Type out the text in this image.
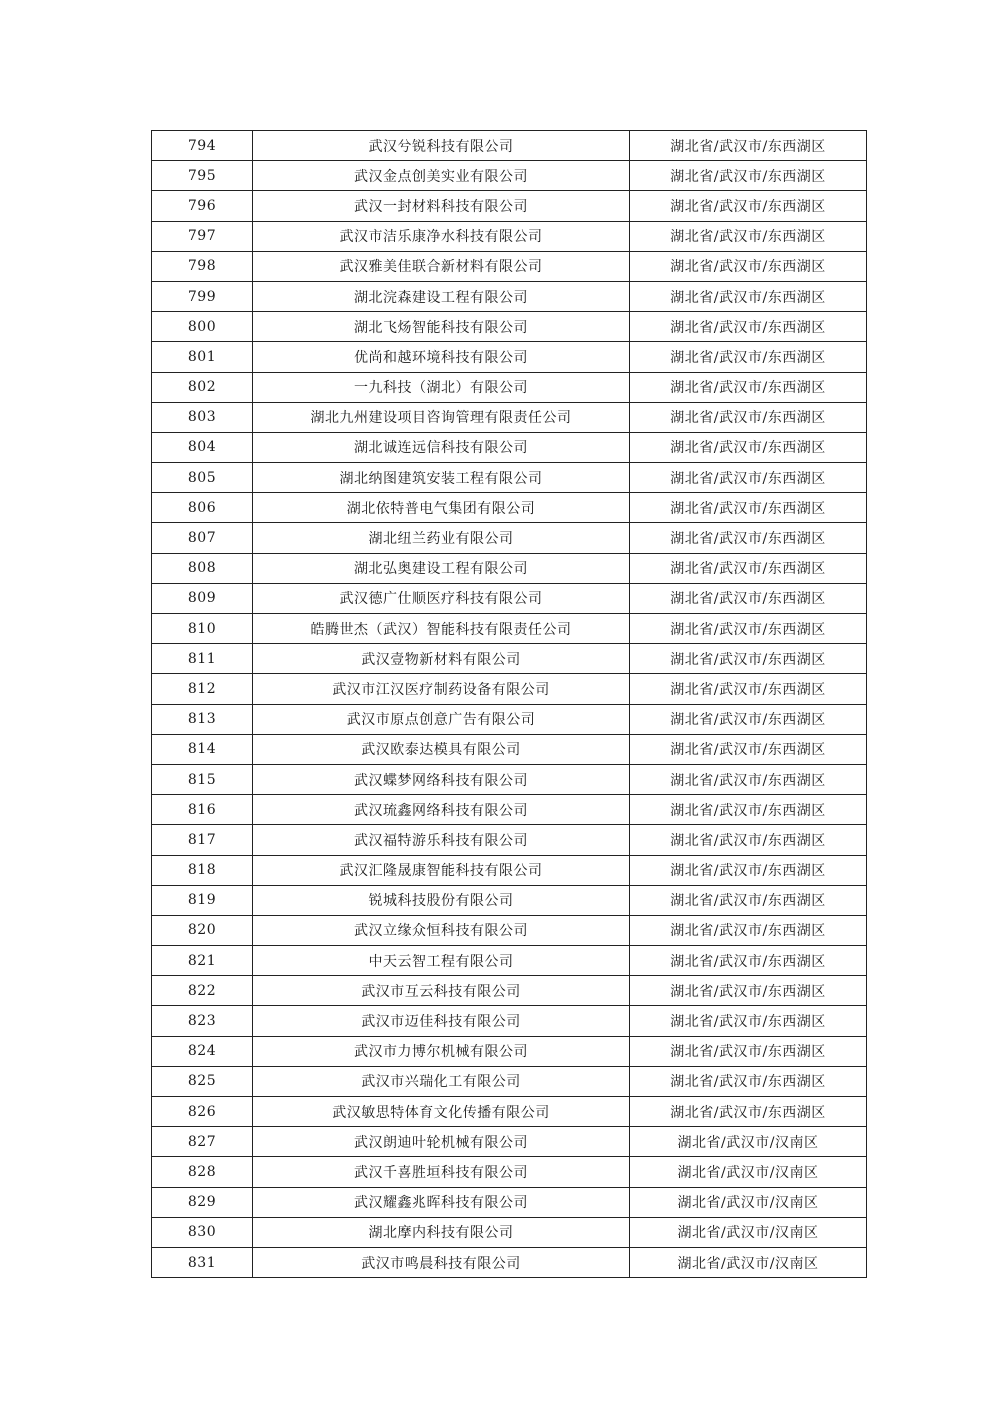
794	武汉兮锐科技有限公司	湖北省/武汉市/东西湖区
795	武汉金点创美实业有限公司	湖北省/武汉市/东西湖区
796	武汉一封材料科技有限公司	湖北省/武汉市/东西湖区
797	武汉市洁乐康净水科技有限公司	湖北省/武汉市/东西湖区
798	武汉雅美佳联合新材料有限公司	湖北省/武汉市/东西湖区
799	湖北浣森建设工程有限公司	湖北省/武汉市/东西湖区
800	湖北飞炀智能科技有限公司	湖北省/武汉市/东西湖区
801	优尚和越环境科技有限公司	湖北省/武汉市/东西湖区
802	一九科技（湖北）有限公司	湖北省/武汉市/东西湖区
803	湖北九州建设项目咨询管理有限责任公司	湖北省/武汉市/东西湖区
804	湖北诚连远信科技有限公司	湖北省/武汉市/东西湖区
805	湖北纳图建筑安装工程有限公司	湖北省/武汉市/东西湖区
806	湖北依特普电气集团有限公司	湖北省/武汉市/东西湖区
807	湖北纽兰药业有限公司	湖北省/武汉市/东西湖区
808	湖北弘奥建设工程有限公司	湖北省/武汉市/东西湖区
809	武汉德广仕顺医疗科技有限公司	湖北省/武汉市/东西湖区
810	皓腾世杰（武汉）智能科技有限责任公司	湖北省/武汉市/东西湖区
811	武汉壹物新材料有限公司	湖北省/武汉市/东西湖区
812	武汉市江汉医疗制药设备有限公司	湖北省/武汉市/东西湖区
813	武汉市原点创意广告有限公司	湖北省/武汉市/东西湖区
814	武汉欧泰达模具有限公司	湖北省/武汉市/东西湖区
815	武汉蝶梦网络科技有限公司	湖北省/武汉市/东西湖区
816	武汉琉鑫网络科技有限公司	湖北省/武汉市/东西湖区
817	武汉福特游乐科技有限公司	湖北省/武汉市/东西湖区
818	武汉汇隆晟康智能科技有限公司	湖北省/武汉市/东西湖区
819	锐城科技股份有限公司	湖北省/武汉市/东西湖区
820	武汉立缘众恒科技有限公司	湖北省/武汉市/东西湖区
821	中天云智工程有限公司	湖北省/武汉市/东西湖区
822	武汉市互云科技有限公司	湖北省/武汉市/东西湖区
823	武汉市迈佳科技有限公司	湖北省/武汉市/东西湖区
824	武汉市力博尔机械有限公司	湖北省/武汉市/东西湖区
825	武汉市兴瑞化工有限公司	湖北省/武汉市/东西湖区
826	武汉敏思特体育文化传播有限公司	湖北省/武汉市/东西湖区
827	武汉朗迪叶轮机械有限公司	湖北省/武汉市/汉南区
828	武汉千喜胜垣科技有限公司	湖北省/武汉市/汉南区
829	武汉耀鑫兆晖科技有限公司	湖北省/武汉市/汉南区
830	湖北摩内科技有限公司	湖北省/武汉市/汉南区
831	武汉市鸣晨科技有限公司	湖北省/武汉市/汉南区
